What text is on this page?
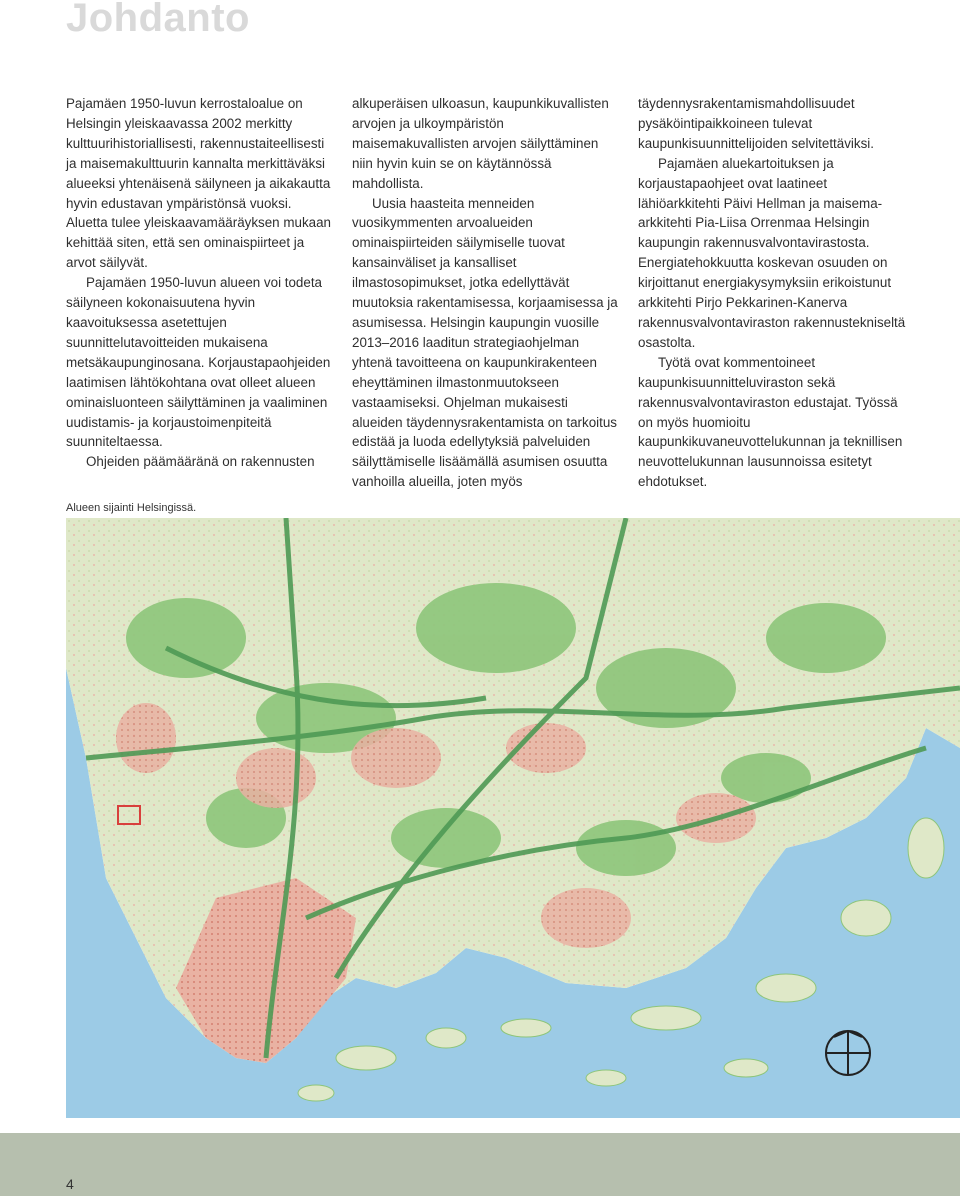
Johdanto

Pajamäen 1950-luvun kerrostaloalue on Helsingin yleiskaavassa 2002 merkitty kulttuurihistoriallisesti, rakennustaiteellisesti ja maisemakulttuurin kannalta merkittäväksi alueeksi yhtenäisenä säilyneen ja aikakautta hyvin edustavan ympäristönsä vuoksi. Aluetta tulee yleiskaavamääräyksen mukaan kehittää siten, että sen ominaispiirteet ja arvot säilyvät.

Pajamäen 1950-luvun alueen voi todeta säilyneen kokonaisuutena hyvin kaavoituksessa asetettujen suunnittelutavoitteiden mukaisena metsäkaupunginosana. Korjaustapaohjeiden laatimisen lähtökohtana ovat olleet alueen ominaisluonteen säilyttäminen ja vaaliminen uudistamis- ja korjaustoimenpiteitä suunniteltaessa.

Ohjeiden päämääränä on rakennusten

alkuperäisen ulkoasun, kaupunkikuvallisten arvojen ja ulkoympäristön maisemakuvallisten arvojen säilyttäminen niin hyvin kuin se on käytännössä mahdollista.

Uusia haasteita menneiden vuosikymmenten arvoalueiden ominaispiirteiden säilymiselle tuovat kansainväliset ja kansalliset ilmastosopimukset, jotka edellyttävät muutoksia rakentamisessa, korjaamisessa ja asumisessa. Helsingin kaupungin vuosille 2013–2016 laaditun strategiaohjelman yhtenä tavoitteena on kaupunkirakenteen eheyttäminen ilmastonmuutokseen vastaamiseksi. Ohjelman mukaisesti alueiden täydennysrakentamista on tarkoitus edistää ja luoda edellytyksiä palveluiden säilyttämiselle lisäämällä asumisen osuutta vanhoilla alueilla, joten myös

täydennysrakentamismahdollisuudet pysäköintipaikkoineen tulevat kaupunkisuunnittelijoiden selvitettäviksi.

Pajamäen aluekartoituksen ja korjaustapaohjeet ovat laatineet lähiöarkkitehti Päivi Hellman ja maisema-arkkitehti Pia-Liisa Orrenmaa Helsingin kaupungin rakennusvalvontavirastosta. Energiatehokkuutta koskevan osuuden on kirjoittanut energiakysymyksiin erikoistunut arkkitehti Pirjo Pekkarinen-Kanerva rakennusvalvontaviraston rakennustekniseltä osastolta.

Työtä ovat kommentoineet kaupunkisuunnitteluviraston sekä rakennusvalvontaviraston edustajat. Työssä on myös huomioitu kaupunkikuvaneuvottelukunnan ja teknillisen neuvottelukunnan lausunnoissa esitetyt ehdotukset.

Alueen sijainti Helsingissä.
4
